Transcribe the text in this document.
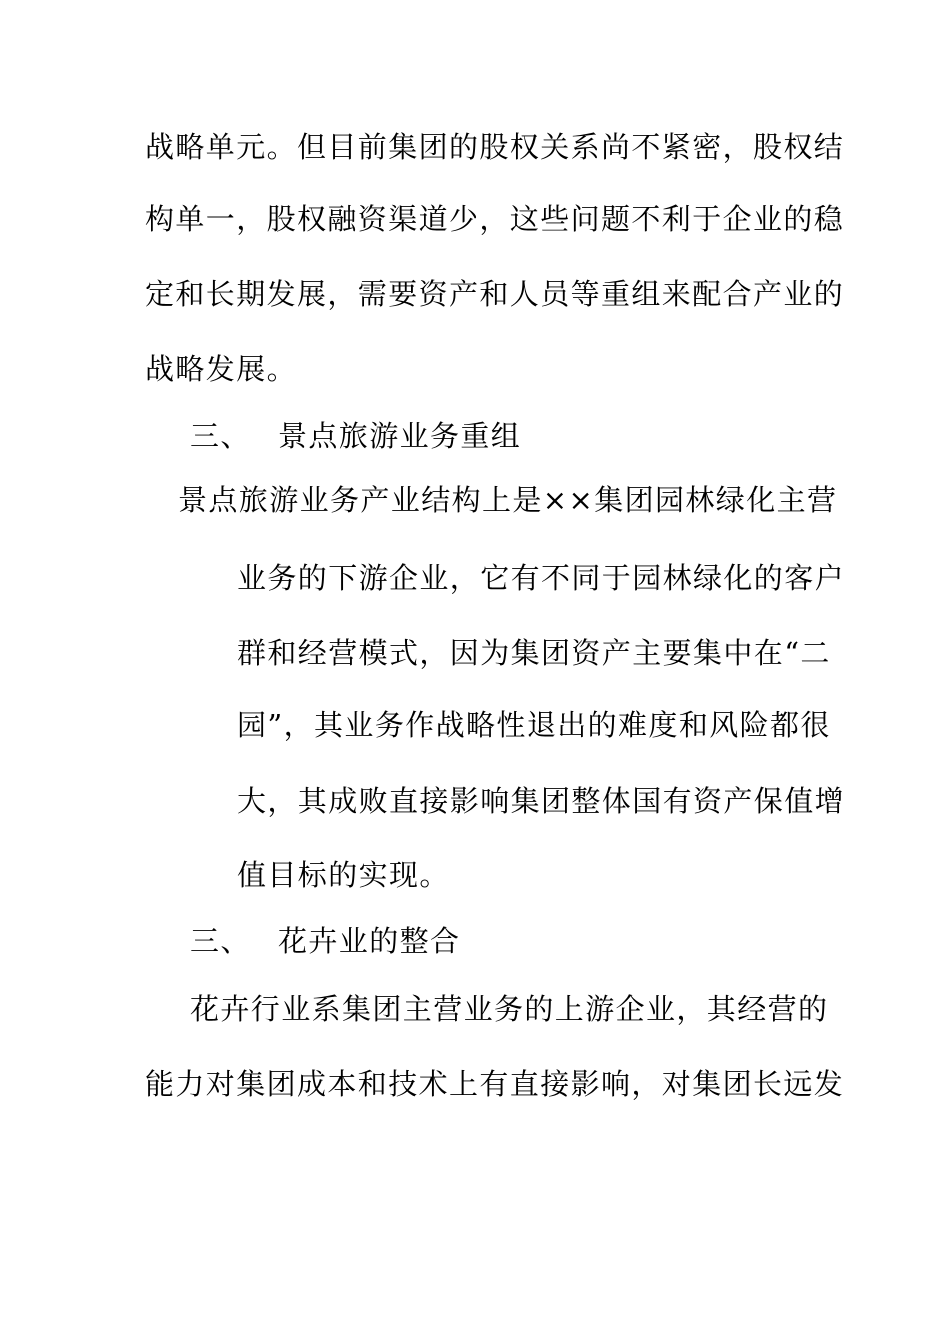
战略单元。但目前集团的股权关系尚不紧密，股权结
构单一，股权融资渠道少，这些问题不利于企业的稳
定和长期发展，需要资产和人员等重组来配合产业的
战略发展。
三、 景点旅游业务重组
景点旅游业务产业结构上是××集团园林绿化主营
业务的下游企业，它有不同于园林绿化的客户
群和经营模式，因为集团资产主要集中在“二
园”，其业务作战略性退出的难度和风险都很
大，其成败直接影响集团整体国有资产保值增
值目标的实现。
三、 花卉业的整合
花卉行业系集团主营业务的上游企业，其经营的
能力对集团成本和技术上有直接影响，对集团长远发
